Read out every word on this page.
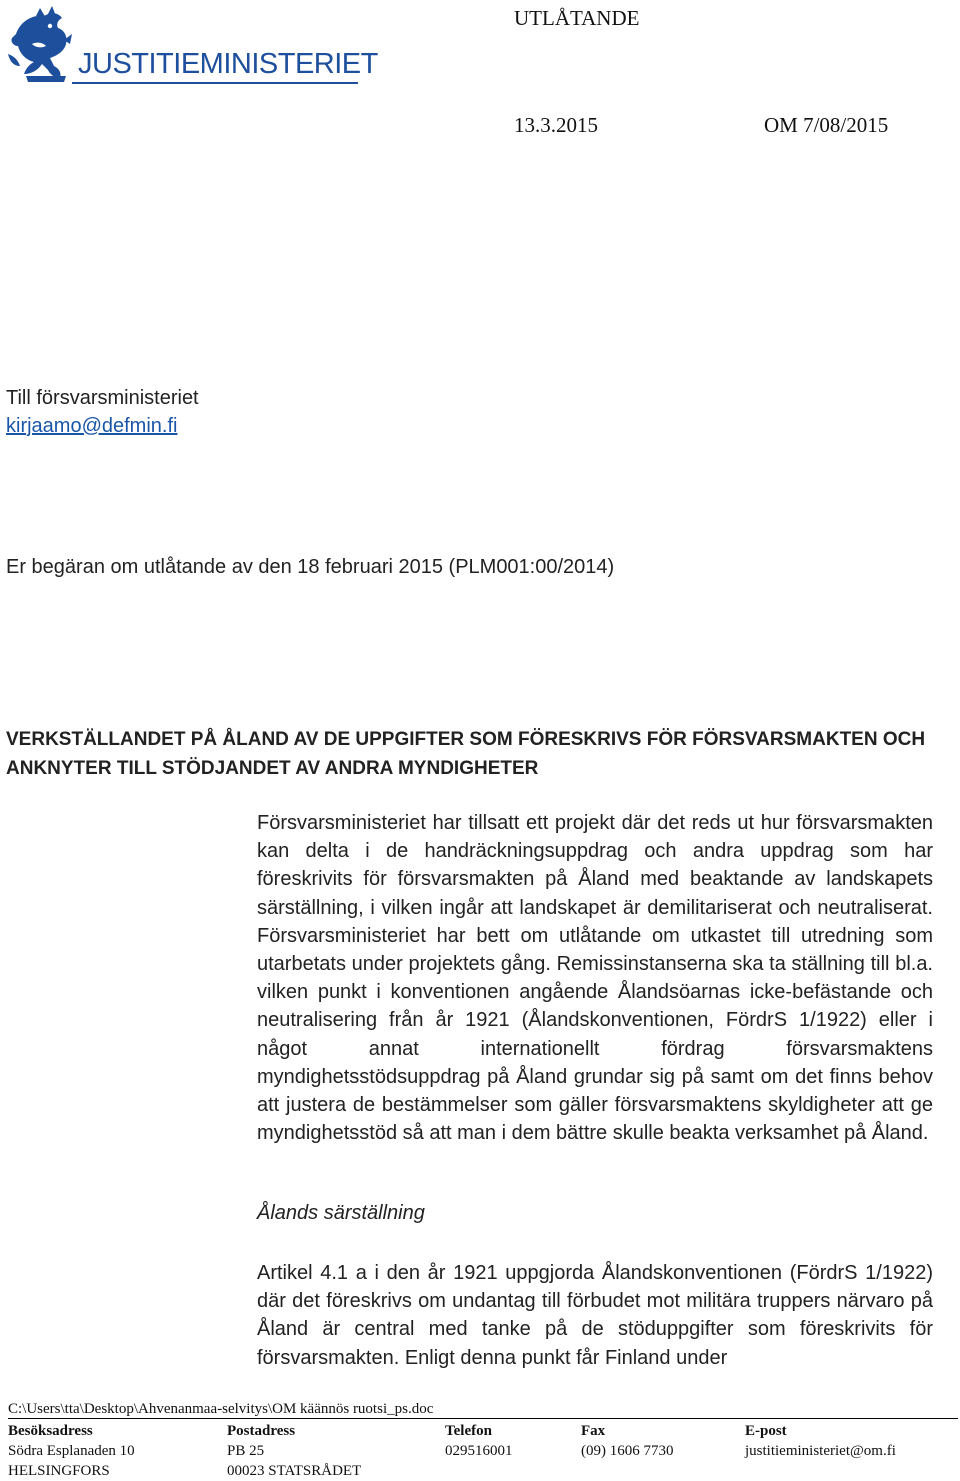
JUSTITIEMINISTERIET
UTLÅTANDE
13.3.2015	OM 7/08/2015
Till försvarsministeriet
kirjaamo@defmin.fi
Er begäran om utlåtande av den 18 februari 2015 (PLM001:00/2014)
VERKSTÄLLANDET PÅ ÅLAND AV DE UPPGIFTER SOM FÖRESKRIVS FÖR FÖRSVARSMAKTEN OCH ANKNYTER TILL STÖDJANDET AV ANDRA MYNDIGHETER
Försvarsministeriet har tillsatt ett projekt där det reds ut hur försvarsmakten kan delta i de handräckningsuppdrag och andra uppdrag som har föreskrivits för försvarsmakten på Åland med beaktande av landskapets särställning, i vilken ingår att landskapet är demilitariserat och neutraliserat. Försvarsministeriet har bett om utlåtande om utkastet till utredning som utarbetats under projektets gång. Remissinstanserna ska ta ställning till bl.a. vilken punkt i konventionen angående Ålandsöarnas icke-befästande och neutralisering från år 1921 (Ålandskonventionen, FördrS 1/1922) eller i något annat internationellt fördrag försvarsmaktens myndighetsstödsuppdrag på Åland grundar sig på samt om det finns behov att justera de bestämmelser som gäller försvarsmaktens skyldigheter att ge myndighetsstöd så att man i dem bättre skulle beakta verksamhet på Åland.
Ålands särställning
Artikel 4.1 a i den år 1921 uppgjorda Ålandskonventionen (FördrS 1/1922) där det föreskrivs om undantag till förbudet mot militära truppers närvaro på Åland är central med tanke på de stöduppgifter som föreskrivits för försvarsmakten. Enligt denna punkt får Finland under
C:\Users\tta\Desktop\Ahvenanmaa-selvitys\OM käännös ruotsi_ps.doc
Besöksadress	Postadress	Telefon	Fax	E-post
Södra Esplanaden 10	PB 25	029516001	(09) 1606 7730	justitieministeriet@om.fi
HELSINGFORS	00023 STATSRÅDET
